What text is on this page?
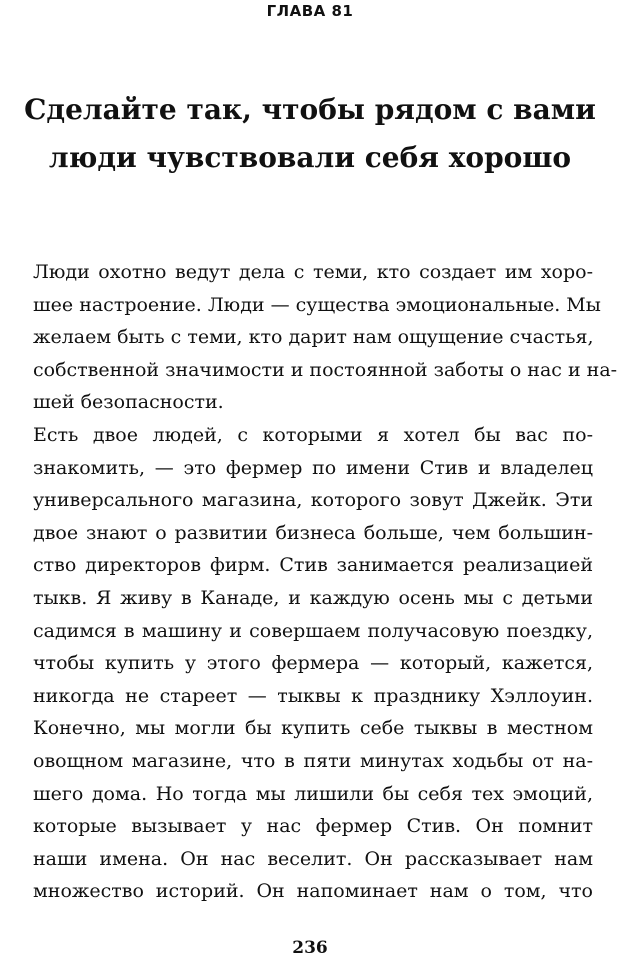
ГЛАВА 81
Сделайте так, чтобы рядом с вами
люди чувствовали себя хорошо
Люди охотно ведут дела с теми, кто создает им хоро-
шее настроение. Люди — существа эмоциональные. Мы
желаем быть с теми, кто дарит нам ощущение счастья,
собственной значимости и постоянной заботы о нас и на-
шей безопасности.
Есть двое людей, с которыми я хотел бы вас по-
знакомить, — это фермер по имени Стив и владелец
универсального магазина, которого зовут Джейк. Эти
двое знают о развитии бизнеса больше, чем большин-
ство директоров фирм. Стив занимается реализацией
тыкв. Я живу в Канаде, и каждую осень мы с детьми
садимся в машину и совершаем получасовую поездку,
чтобы купить у этого фермера — который, кажется,
никогда не стареет — тыквы к празднику Хэллоуин.
Конечно, мы могли бы купить себе тыквы в местном
овощном магазине, что в пяти минутах ходьбы от на-
шего дома. Но тогда мы лишили бы себя тех эмоций,
которые вызывает у нас фермер Стив. Он помнит
наши имена. Он нас веселит. Он рассказывает нам
множество историй. Он напоминает нам о том, что
236
